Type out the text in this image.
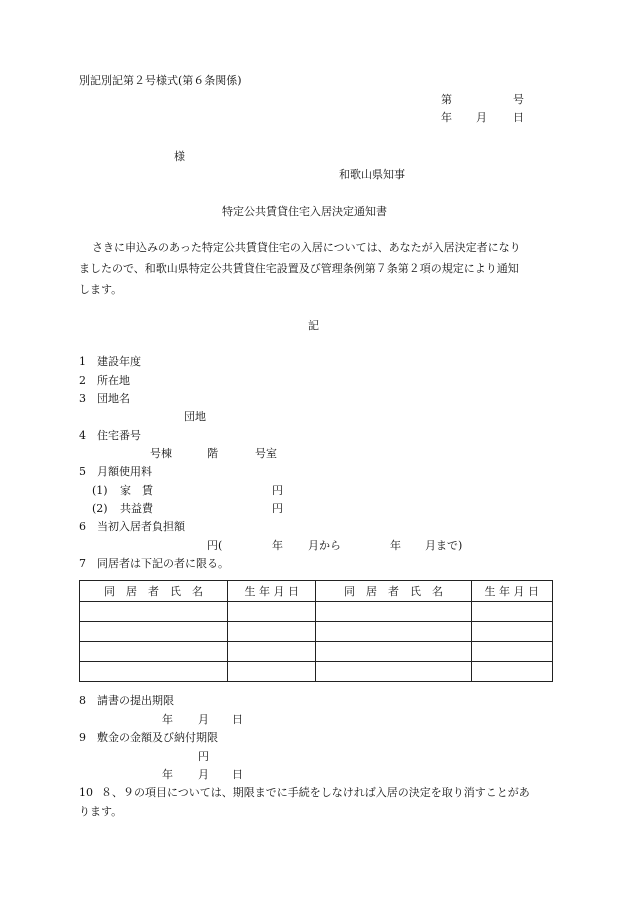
別記別記第２号様式(第６条関係)
第	号
年 月 日
様
和歌山県知事
特定公共賃貸住宅入居決定通知書
さきに申込みのあった特定公共賃貸住宅の入居については、あなたが入居決定者になり
ましたので、和歌山県特定公共賃貸住宅設置及び管理条例第７条第２項の規定により通知
します。
記
1 建設年度
2 所在地
3 団地名
団地
4 住宅番号
号棟	階	号室
5 月額使用料
(1) 家　賃	円
(2) 共益費	円
6 当初入居者負担額
円(	年 月から	年 月まで)
7 同居者は下記の者に限る。
同　居　者　氏　名	生 年 月 日	同　居　者　氏　名	生 年 月 日

8 請書の提出期限
年 月 日
9 敷金の金額及び納付期限
円
年 月 日
10 ８、９の項目については、期限までに手続をしなければ入居の決定を取り消すことがあ
ります。
